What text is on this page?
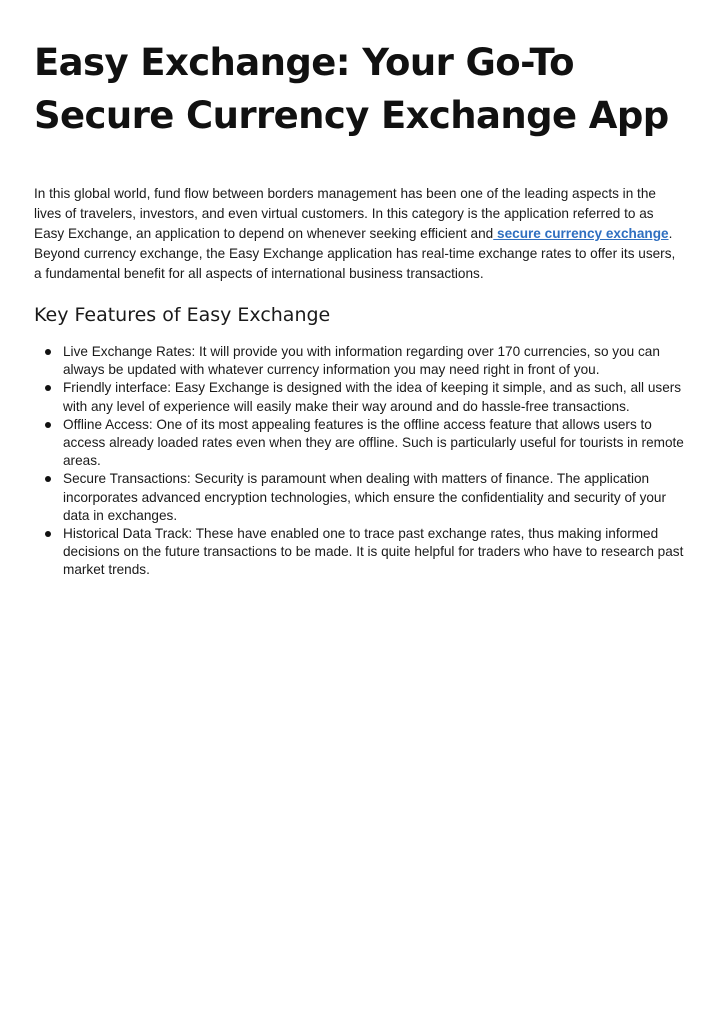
Easy Exchange: Your Go-To Secure Currency Exchange App

In this global world, fund flow between borders management has been one of the leading aspects in the lives of travelers, investors, and even virtual customers. In this category is the application referred to as Easy Exchange, an application to depend on whenever seeking efficient and secure currency exchange. Beyond currency exchange, the Easy Exchange application has real-time exchange rates to offer its users, a fundamental benefit for all aspects of international business transactions.

Key Features of Easy Exchange
Live Exchange Rates: It will provide you with information regarding over 170 currencies, so you can always be updated with whatever currency information you may need right in front of you.
Friendly interface: Easy Exchange is designed with the idea of keeping it simple, and as such, all users with any level of experience will easily make their way around and do hassle-free transactions.
Offline Access: One of its most appealing features is the offline access feature that allows users to access already loaded rates even when they are offline. Such is particularly useful for tourists in remote areas.
Secure Transactions: Security is paramount when dealing with matters of finance. The application incorporates advanced encryption technologies, which ensure the confidentiality and security of your data in exchanges.
Historical Data Track: These have enabled one to trace past exchange rates, thus making informed decisions on the future transactions to be made. It is quite helpful for traders who have to research past market trends.
